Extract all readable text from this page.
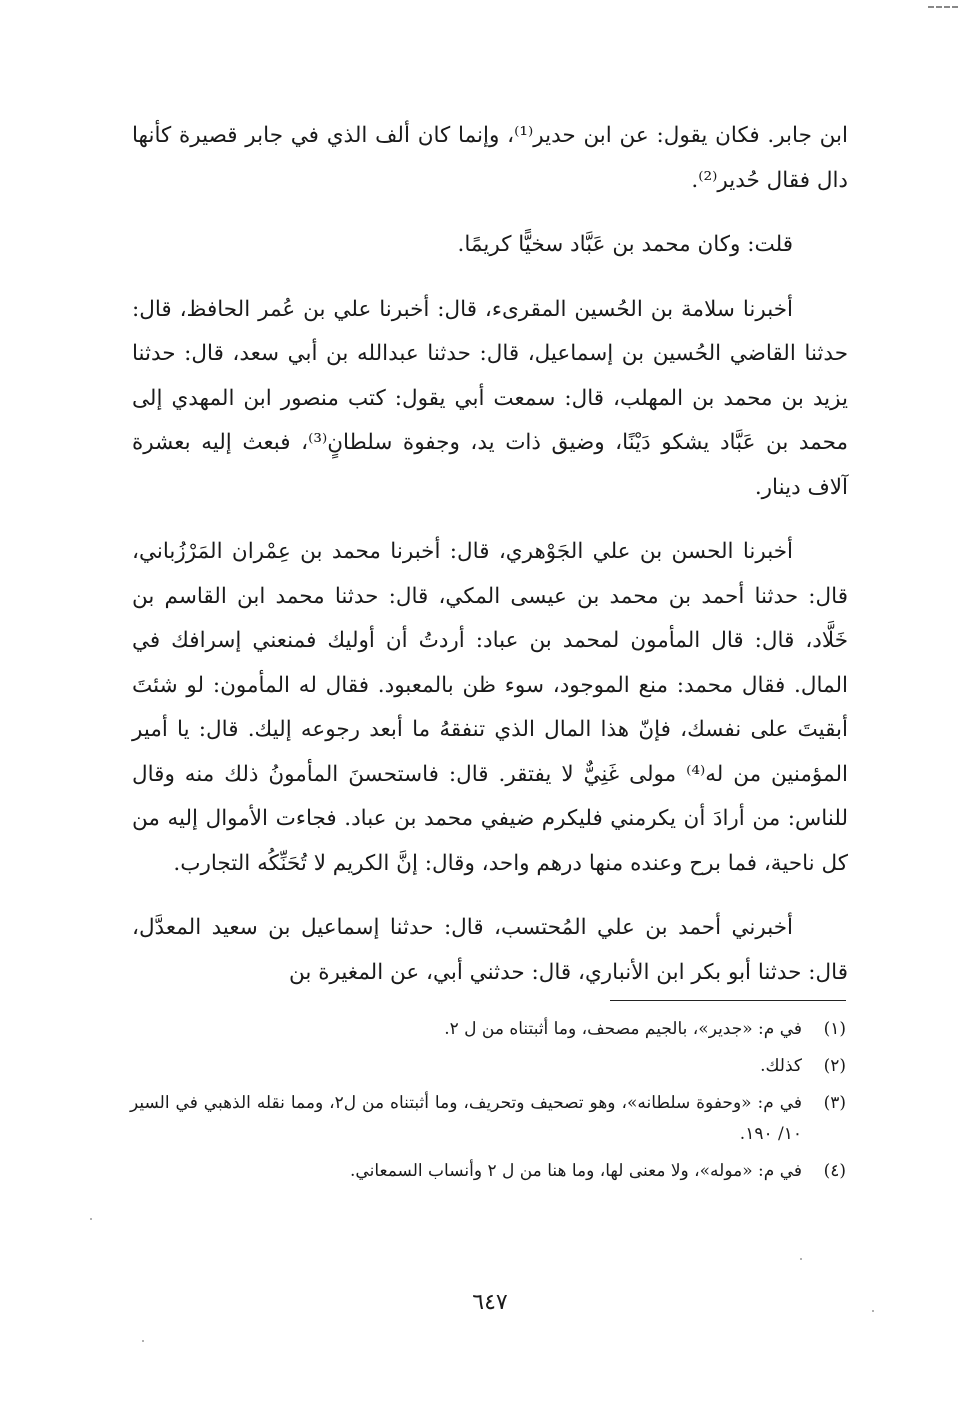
ابن جابر. فكان يقول: عن ابن حدير⁽¹⁾، وإنما كان ألف الذي في جابر قصيرة كأنها دال فقال حُدير⁽²⁾.

قلت: وكان محمد بن عَبَّاد سخيًّا كريمًا.

أخبرنا سلامة بن الحُسين المقرىء، قال: أخبرنا علي بن عُمر الحافظ، قال: حدثنا القاضي الحُسين بن إسماعيل، قال: حدثنا عبدالله بن أبي سعد، قال: حدثنا يزيد بن محمد بن المهلب، قال: سمعت أبي يقول: كتب منصور ابن المهدي إلى محمد بن عَبَّاد يشكو دَيْنًا، وضيق ذات يد، وجفوة سلطانٍ⁽³⁾، فبعث إليه بعشرة آلاف دينار.

أخبرنا الحسن بن علي الجَوْهري، قال: أخبرنا محمد بن عِمْران المَرْزُباني، قال: حدثنا أحمد بن محمد بن عيسى المكي، قال: حدثنا محمد ابن القاسم بن خَلَّاد، قال: قال المأمون لمحمد بن عباد: أردتُ أن أوليك فمنعني إسرافك في المال. فقال محمد: منع الموجود، سوء ظن بالمعبود. فقال له المأمون: لو شئتَ أبقيتَ على نفسك، فإنّ هذا المال الذي تنفقهُ ما أبعد رجوعه إليك. قال: يا أمير المؤمنين من له⁽⁴⁾ مولى غَنِيٌّ لا يفتقر. قال: فاستحسنَ المأمونُ ذلك منه وقال للناس: من أرادَ أن يكرمني فليكرم ضيفي محمد بن عباد. فجاءت الأموال إليه من كل ناحية، فما برح وعنده منها درهم واحد، وقال: إنَّ الكريم لا تُحَنِّكُه التجارب.

أخبرني أحمد بن علي المُحتسب، قال: حدثنا إسماعيل بن سعيد المعدَّل، قال: حدثنا أبو بكر ابن الأنباري، قال: حدثني أبي، عن المغيرة بن

(١)
في م: «جدير»، بالجيم مصحف، وما أثبتناه من ل ٢.
(٢)
كذلك.
(٣)
في م: «وحفوة سلطانه»، وهو تصحيف وتحريف، وما أثبتناه من ل٢، ومما نقله الذهبي في السير ١٠/ ١٩٠.
(٤)
في م: «موله»، ولا معنى لها، وما هنا من ل ٢ وأنساب السمعاني.
٦٤٧
